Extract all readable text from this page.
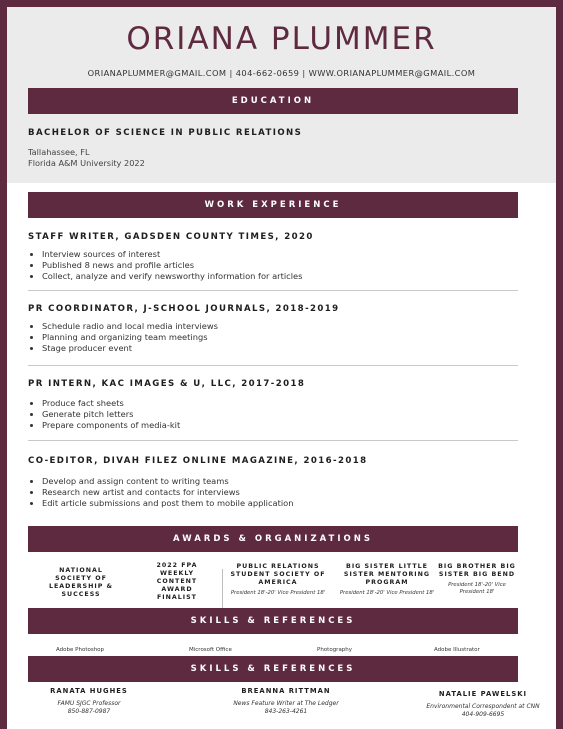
ORIANA PLUMMER
ORIANAPLUMMER@GMAIL.COM | 404-662-0659 | WWW.ORIANAPLUMMER@GMAIL.COM
EDUCATION
BACHELOR OF SCIENCE IN PUBLIC RELATIONS
Tallahassee, FL
Florida A&M University 2022
WORK EXPERIENCE
STAFF WRITER, GADSDEN COUNTY TIMES, 2020
• Interview sources of interest
• Published 8 news and profile articles
• Collect, analyze and verify newsworthy information for articles
PR COORDINATOR, J-SCHOOL JOURNALS, 2018-2019
• Schedule radio and local media interviews
• Planning and organizing team meetings
• Stage producer event
PR INTERN, KAC IMAGES & U, LLC, 2017-2018
• Produce fact sheets
• Generate pitch letters
• Prepare components of media-kit
CO-EDITOR, DIVAH FILEZ ONLINE MAGAZINE, 2016-2018
• Develop and assign content to writing teams
• Research new artist and contacts for interviews
• Edit article submissions and post them to mobile application
AWARDS & ORGANIZATIONS
NATIONAL SOCIETY OF LEADERSHIP & SUCCESS
2022 FPA WEEKLY CONTENT AWARD FINALIST
PUBLIC RELATIONS STUDENT SOCIETY OF AMERICA
President 18'-20' Vice President 18'
BIG SISTER LITTLE SISTER MENTORING PROGRAM
President 18'-20' Vice President 18'
BIG BROTHER BIG SISTER BIG BEND
President 18'-20' Vice President 18'
SKILLS & REFERENCES
Adobe Photoshop	Microsoft Office	Photography	Adobe Illustrator
SKILLS & REFERENCES
RANATA HUGHES
FAMU SJGC Professor
850-887-0987
BREANNA RITTMAN
News Feature Writer at The Ledger
843-263-4261
NATALIE PAWELSKI
Environmental Correspondent at CNN
404-909-6695
